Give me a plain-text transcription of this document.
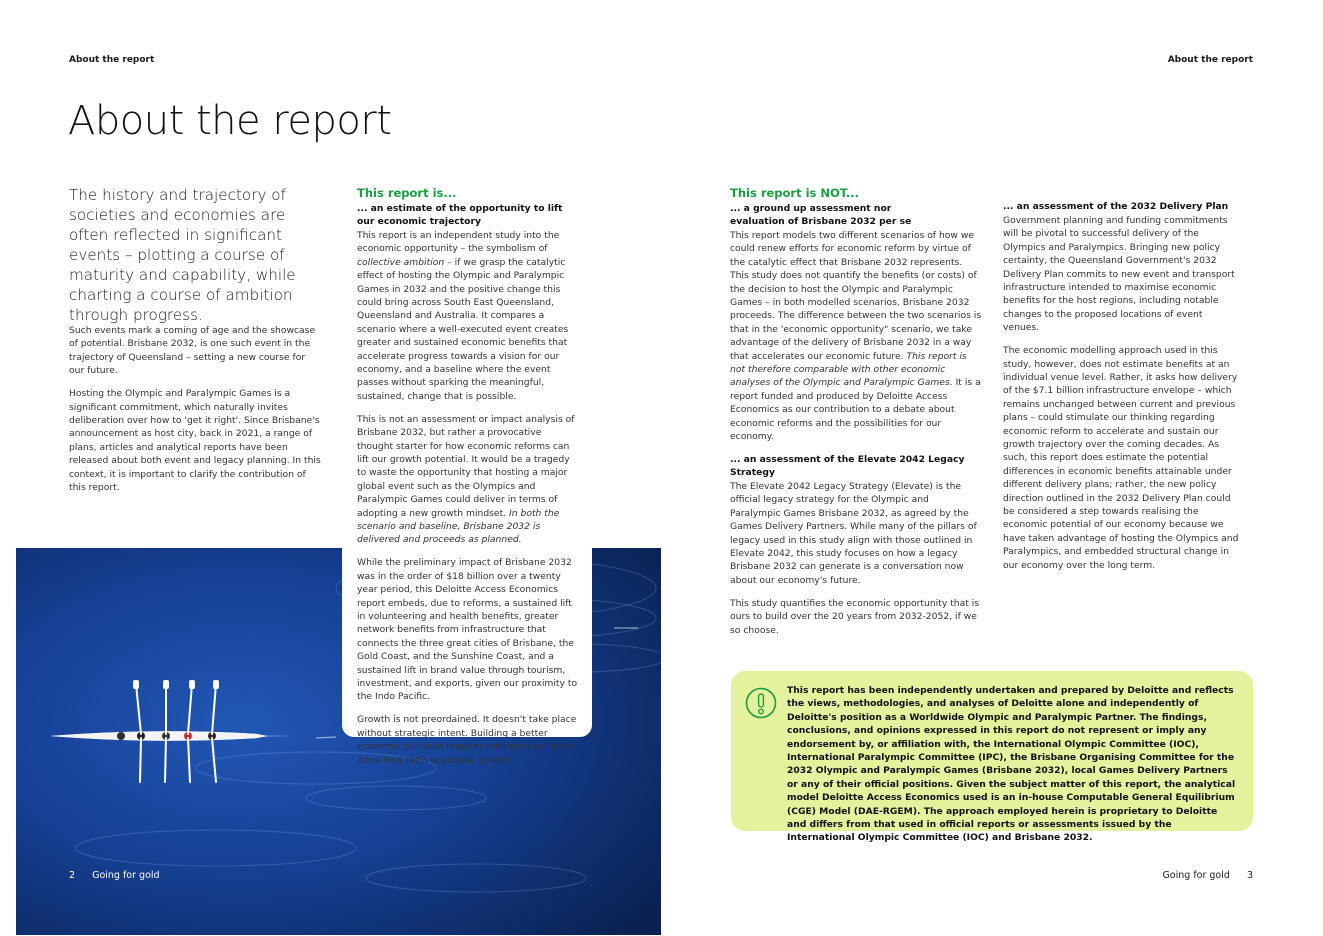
About the report	About the report
About the report
The history and trajectory of societies and economies are often reflected in significant events – plotting a course of maturity and capability, while charting a course of ambition through progress.

Such events mark a coming of age and the showcase of potential. Brisbane 2032, is one such event in the trajectory of Queensland – setting a new course for our future.

Hosting the Olympic and Paralympic Games is a significant commitment, which naturally invites deliberation over how to 'get it right'. Since Brisbane's announcement as host city, back in 2021, a range of plans, articles and analytical reports have been released about both event and legacy planning. In this context, it is important to clarify the contribution of this report.

This report is...
... an estimate of the opportunity to lift our economic trajectory

This report is an independent study into the economic opportunity – the symbolism of collective ambition – if we grasp the catalytic effect of hosting the Olympic and Paralympic Games in 2032 and the positive change this could bring across South East Queensland, Queensland and Australia. It compares a scenario where a well-executed event creates greater and sustained economic benefits that accelerate progress towards a vision for our economy, and a baseline where the event passes without sparking the meaningful, sustained, change that is possible.

This is not an assessment or impact analysis of Brisbane 2032, but rather a provocative thought starter for how economic reforms can lift our growth potential. It would be a tragedy to waste the opportunity that hosting a major global event such as the Olympics and Paralympic Games could deliver in terms of adopting a new growth mindset. In both the scenario and baseline, Brisbane 2032 is delivered and proceeds as planned.

While the preliminary impact of Brisbane 2032 was in the order of $18 billion over a twenty year period, this Deloitte Access Economics report embeds, due to reforms, a sustained lift in volunteering and health benefits, greater network benefits from infrastructure that connects the three great cities of Brisbane, the Gold Coast, and the Sunshine Coast, and a sustained lift in brand value through tourism, investment, and exports, given our proximity to the Indo Pacific.

Growth is not preordained. It doesn't take place without strategic intent. Building a better economic dividend requires collective action to drive long term economic growth.

This report is NOT...
... a ground up assessment nor evaluation of Brisbane 2032 per se

This report models two different scenarios of how we could renew efforts for economic reform by virtue of the catalytic effect that Brisbane 2032 represents. This study does not quantify the benefits (or costs) of the decision to host the Olympic and Paralympic Games – in both modelled scenarios, Brisbane 2032 proceeds. The difference between the two scenarios is that in the 'economic opportunity" scenario, we take advantage of the delivery of Brisbane 2032 in a way that accelerates our economic future. This report is not therefore comparable with other economic analyses of the Olympic and Paralympic Games. It is a report funded and produced by Deloitte Access Economics as our contribution to a debate about economic reforms and the possibilities for our economy.

... an assessment of the Elevate 2042 Legacy Strategy

The Elevate 2042 Legacy Strategy (Elevate) is the official legacy strategy for the Olympic and Paralympic Games Brisbane 2032, as agreed by the Games Delivery Partners. While many of the pillars of legacy used in this study align with those outlined in Elevate 2042, this study focuses on how a legacy Brisbane 2032 can generate is a conversation now about our economy's future.

This study quantifies the economic opportunity that is ours to build over the 20 years from 2032-2052, if we so choose.

... an assessment of the 2032 Delivery Plan

Government planning and funding commitments will be pivotal to successful delivery of the Olympics and Paralympics. Bringing new policy certainty, the Queensland Government's 2032 Delivery Plan commits to new event and transport infrastructure intended to maximise economic benefits for the host regions, including notable changes to the proposed locations of event venues.

The economic modelling approach used in this study, however, does not estimate benefits at an individual venue level. Rather, it asks how delivery of the $7.1 billion infrastructure envelope – which remains unchanged between current and previous plans – could stimulate our thinking regarding economic reform to accelerate and sustain our growth trajectory over the coming decades. As such, this report does estimate the potential differences in economic benefits attainable under different delivery plans; rather, the new policy direction outlined in the 2032 Delivery Plan could be considered a step towards realising the economic potential of our economy because we have taken advantage of hosting the Olympics and Paralympics, and embedded structural change in our economy over the long term.

This report has been independently undertaken and prepared by Deloitte and reflects the views, methodologies, and analyses of Deloitte alone and independently of Deloitte's position as a Worldwide Olympic and Paralympic Partner. The findings, conclusions, and opinions expressed in this report do not represent or imply any endorsement by, or affiliation with, the International Olympic Committee (IOC), International Paralympic Committee (IPC), the Brisbane Organising Committee for the 2032 Olympic and Paralympic Games (Brisbane 2032), local Games Delivery Partners or any of their official positions. Given the subject matter of this report, the analytical model Deloitte Access Economics used is an in-house Computable General Equilibrium (CGE) Model (DAE-RGEM). The approach employed herein is proprietary to Deloitte and differs from that used in official reports or assessments issued by the International Olympic Committee (IOC) and Brisbane 2032.
2 Going for gold	Going for gold 3
